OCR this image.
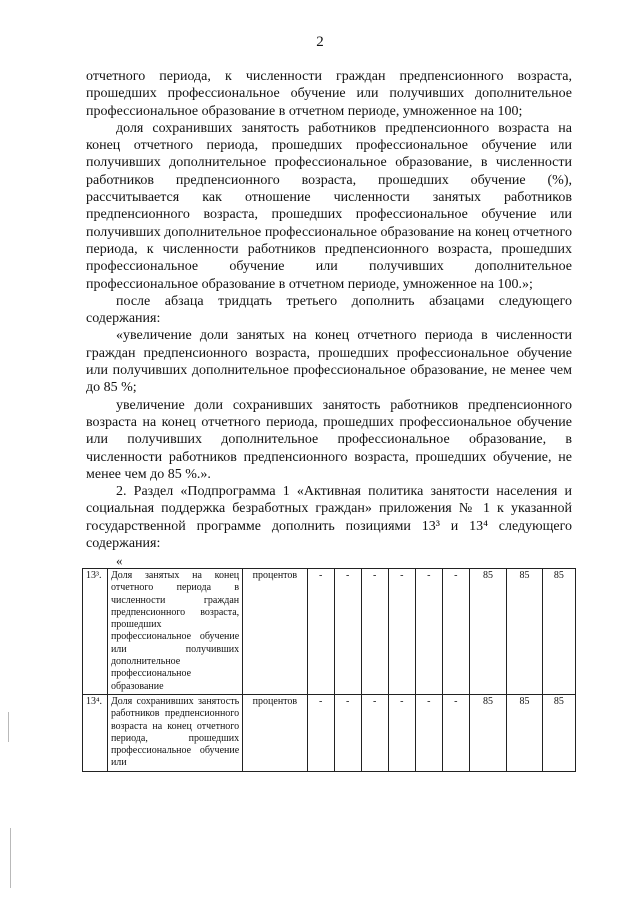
2

отчетного периода, к численности граждан предпенсионного возраста, прошедших профессиональное обучение или получивших дополнительное профессиональное образование в отчетном периоде, умноженное на 100;

доля сохранивших занятость работников предпенсионного возраста на конец отчетного периода, прошедших профессиональное обучение или получивших дополнительное профессиональное образование, в численности работников предпенсионного возраста, прошедших обучение (%), рассчитывается как отношение численности занятых работников предпенсионного возраста, прошедших профессиональное обучение или получивших дополнительное профессиональное образование на конец отчетного периода, к численности работников предпенсионного возраста, прошедших профессиональное обучение или получивших дополнительное профессиональное образование в отчетном периоде, умноженное на 100.»;

после абзаца тридцать третьего дополнить абзацами следующего содержания:

«увеличение доли занятых на конец отчетного периода в численности граждан предпенсионного возраста, прошедших профессиональное обучение или получивших дополнительное профессиональное образование, не менее чем до 85 %;

увеличение доли сохранивших занятость работников предпенсионного возраста на конец отчетного периода, прошедших профессиональное обучение или получивших дополнительное профессиональное образование, в численности работников предпенсионного возраста, прошедших обучение, не менее чем до 85 %.».

2. Раздел «Подпрограмма 1 «Активная политика занятости населения и социальная поддержка безработных граждан» приложения № 1 к указанной государственной программе дополнить позициями 13³ и 13⁴ следующего содержания:

«
13³.	Доля занятых на конец отчетного периода в численности граждан предпенсионного возраста, прошедших профессиональное обучение или получивших дополнительное профессиональное образование	процентов	-	-	-	-	-	-	85	85	85
13⁴.	Доля сохранивших занятость работников предпенсионного возраста на конец отчетного периода, прошедших профессиональное обучение или	процентов	-	-	-	-	-	-	85	85	85
